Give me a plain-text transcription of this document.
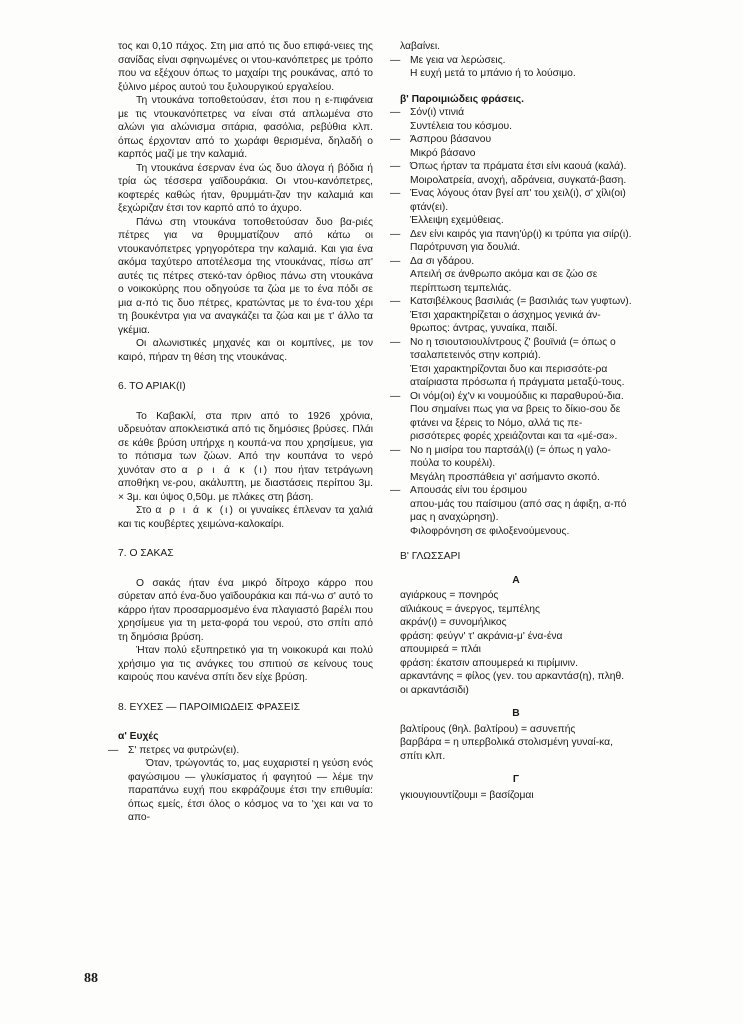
τος και 0,10 πάχος. Στη μια από τις δυο επιφά-νειες της σανίδας είναι σφηνωμένες οι ντου-κανόπετρες με τρόπο που να εξέχουν όπως το μαχαίρι της ρουκάνας, από το ξύλινο μέρος αυτού του ξυλουργικού εργαλείου.

Τη ντουκάνα τοποθετούσαν, έτσι που η ε-πιφάνεια με τις ντουκανόπετρες να είναι στά απλωμένα στο αλώνι για αλώνισμα σιτάρια, φασόλια, ρεβύθια κλπ. όπως έρχονταν από το χωράφι θερισμένα, δηλαδή ο καρπός μαζί με την καλαμιά.

Τη ντουκάνα έσερναν ένα ώς δυο άλογα ή βόδια ή τρία ώς τέσσερα γαϊδουράκια. Οι ντου-κανόπετρες, κοφτερές καθώς ήταν, θρυμμάτι-ζαν την καλαμιά και ξεχώριζαν έτσι τον καρπό από το άχυρο.

Πάνω στη ντουκάνα τοποθετούσαν δυο βα-ριές πέτρες για να θρυμματίζουν από κάτω οι ντουκανόπετρες γρηγορότερα την καλαμιά. Και για ένα ακόμα ταχύτερο αποτέλεσμα της ντουκάνας, πίσω απ' αυτές τις πέτρες στεκό-ταν όρθιος πάνω στη ντουκάνα ο νοικοκύρης που οδηγούσε τα ζώα με το ένα πόδι σε μια α-πό τις δυο πέτρες, κρατώντας με το ένα-του χέρι τη βουκέντρα για να αναγκάζει τα ζώα και με τ' άλλο τα γκέμια.

Οι αλωνιστικές μηχανές και οι κομπίνες, με τον καιρό, πήραν τη θέση της ντουκάνας.

6. ΤΟ ΑΡΙΑΚ(Ι)

Το Καβακλί, στα πριν από το 1926 χρόνια, υδρευόταν αποκλειστικά από τις δημόσιες βρύσες. Πλάι σε κάθε βρύση υπήρχε η κουπά-να που χρησίμευε, για το πότισμα των ζώων. Από την κουπάνα το νερό χυνόταν στο α ρ ι ά κ (ι) που ήταν τετράγωνη αποθήκη νε-ρου, ακάλυπτη, με διαστάσεις περίπου 3μ. × 3μ. και ύψος 0,50μ. με πλάκες στη βάση.

Στο α ρ ι ά κ (ι) οι γυναίκες έπλεναν τα χαλιά και τις κουβέρτες χειμώνα-καλοκαίρι.

7. Ο ΣΑΚΑΣ

Ο σακάς ήταν ένα μικρό δίτροχο κάρρο που σύρεταν από ένα-δυο γαϊδουράκια και πά-νω σ' αυτό το κάρρο ήταν προσαρμοσμένο ένα πλαγιαστό βαρέλι που χρησίμευε για τη μετα-φορά του νερού, στο σπίτι από τη δημόσια βρύση.

Ήταν πολύ εξυπηρετικό για τη νοικοκυρά και πολύ χρήσιμο για τις ανάγκες του σπιτιού σε κείνους τους καιρούς που κανένα σπίτι δεν είχε βρύση.

8. ΕΥΧΕΣ — ΠΑΡΟΙΜΙΩΔΕΙΣ ΦΡΑΣΕΙΣ

α' Ευχές

— Σ' πετρες να φυτρών(ει).

Όταν, τρώγοντάς το, μας ευχαριστεί η γεύση ενός φαγώσιμου — γλυκίσματος ή φαγητού — λέμε την παραπάνω ευχή που εκφράζουμε έτσι την επιθυμία: όπως εμείς, έτσι όλος ο κόσμος να το 'χει και να το απο-

λαβαίνει.

— Με γεια να λερώσεις.
Η ευχή μετά το μπάνιο ή το λούσιμο.

β' Παροιμιώδεις φράσεις.

— Σόν(ι) ντινιά
Συντέλεια του κόσμου.
— Άσπρου βάσανου
Μικρό βάσανο
— Όπως ήρταν τα πράματα έτσι είνι καουά (καλά).
Μοιρολατρεία, ανοχή, αδράνεια, συγκατά-βαση.
— Ένας λόγους όταν βγεί απ' του χειλ(ι), σ' χίλι(οι) φτάν(ει).
Έλλειψη εχεμύθειας.
— Δεν είνι καιρός για πανη'ύρ(ι) κι τρύπα για σιίρ(ι).
Παρότρυνση για δουλιά.
— Δα σι γδάρου.
Απειλή σε άνθρωπο ακόμα και σε ζώο σε περίπτωση τεμπελιάς.
— Κατσιβέλκους βασιλιάς (= βασιλιάς των γυφτων).
Έτσι χαρακτηρίζεται ο άσχημος γενικά άν-θρωπος: άντρας, γυναίκα, παιδί.
— Νο η τσιουτσιουλίντρους ζ' βουϊνιά (= όπως ο τσαλαπετεινός στην κοπριά).
Έτσι χαρακτηρίζονται δυο και περισσότε-ρα αταίριαστα πρόσωπα ή πράγματα μεταξύ-τους.
— Οι νόμ(οι) έχ'ν κι νουμούδιις κι παραθυρού-δια.
Που σημαίνει πως για να βρεις το δίκιο-σου δε φτάνει να ξέρεις το Νόμο, αλλά τις πε-ρισσότερες φορές χρειάζονται και τα «μέ-σα».
— Νο η μισίρα του παρτσάλ(ι) (= όπως η γαλο-πούλα το κουρέλι).
Μεγάλη προσπάθεια γι' ασήμαντο σκοπό.
— Απουσάς είνι του έρσιμου
απου-μάς του παίσιμου (από σας η άφιξη, α-πό μας η αναχώρηση).
Φιλοφρόνηση σε φιλοξενούμενους.

Β' ΓΛΩΣΣΑΡΙ

Α

αγιάρκους = πονηρός

αϊλιάκους = άνεργος, τεμπέλης

ακράν(ι) = συνομήλικος

φράση: φεύγν' τ' ακράνια-μ' ένα-ένα

απουμιρεά = πλάι

φράση: έκατσιν απουμερεά κι πιρίμινιν.

αρκαντάνης = φίλος (γεν. του αρκαντάσ(η), πληθ. οι αρκαντάσιδι)

Β

βαλτίρους (θηλ. βαλτίρου) = ασυνεπής

βαρβάρα = η υπερβολικά στολισμένη γυναί-κα, σπίτι κλπ.

Γ

γκιουγιουντίζουμι = βασίζομαι

88
